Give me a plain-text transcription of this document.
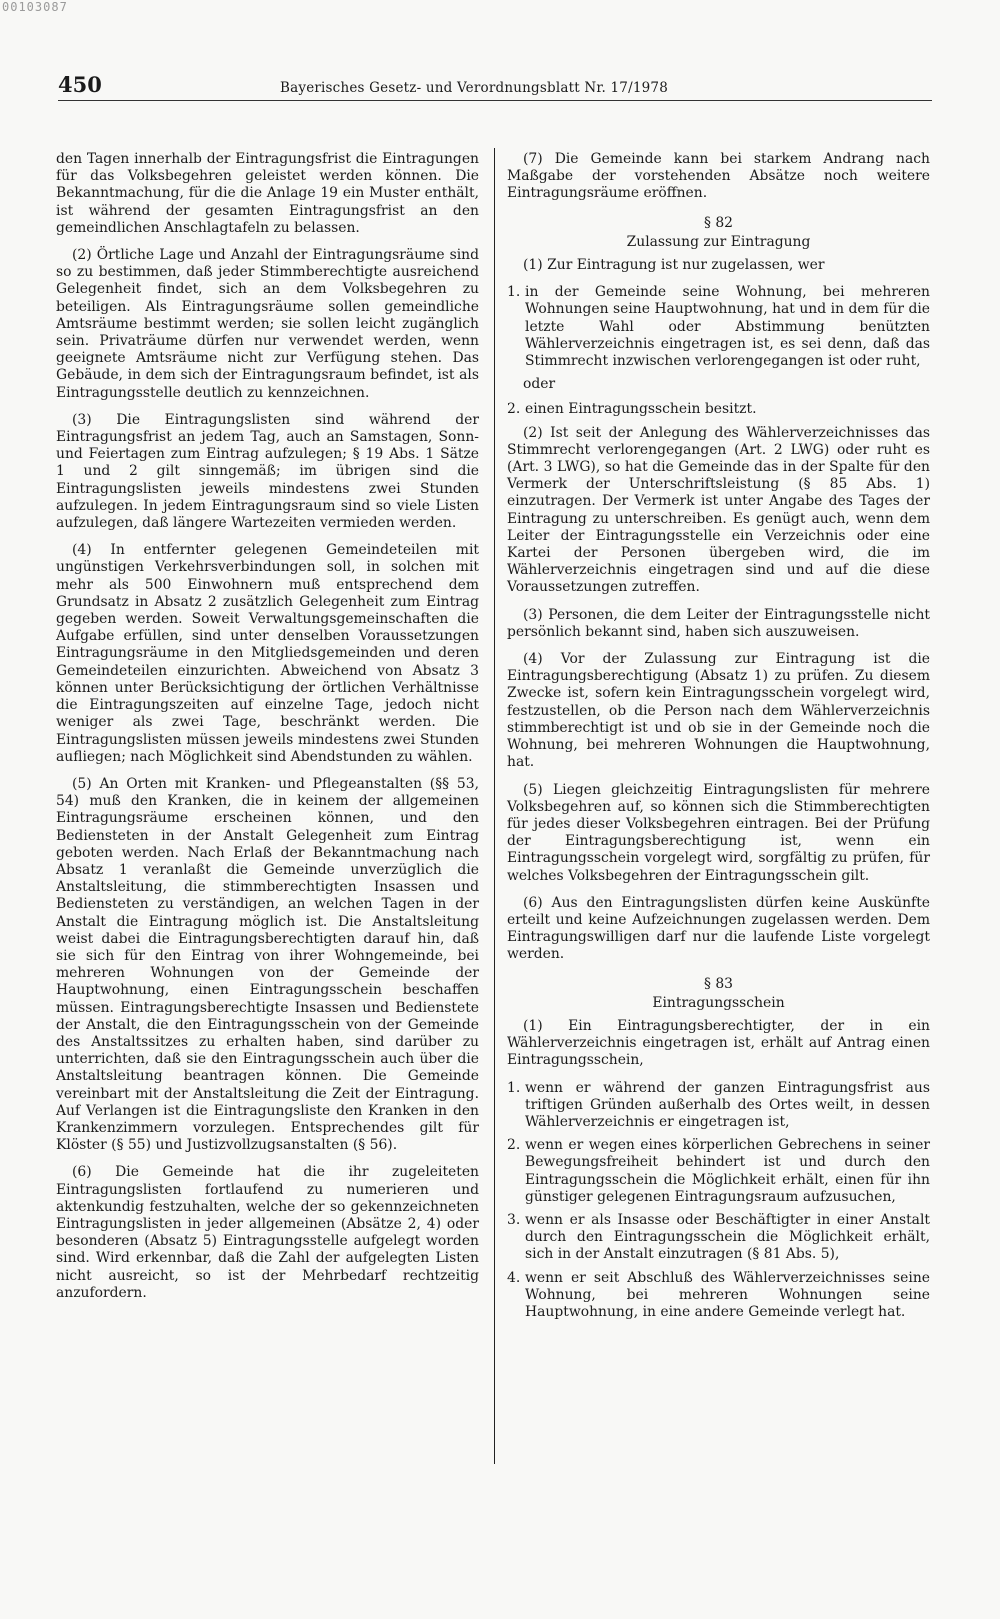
00103087
450	Bayerisches Gesetz- und Verordnungsblatt Nr. 17/1978

den Tagen innerhalb der Eintragungsfrist die Eintragungen für das Volksbegehren geleistet werden können. Die Bekanntmachung, für die die Anlage 19 ein Muster enthält, ist während der gesamten Eintragungsfrist an den gemeindlichen Anschlagtafeln zu belassen.

(2) Örtliche Lage und Anzahl der Eintragungsräume sind so zu bestimmen, daß jeder Stimmberechtigte ausreichend Gelegenheit findet, sich an dem Volksbegehren zu beteiligen. Als Eintragungsräume sollen gemeindliche Amtsräume bestimmt werden; sie sollen leicht zugänglich sein. Privaträume dürfen nur verwendet werden, wenn geeignete Amtsräume nicht zur Verfügung stehen. Das Gebäude, in dem sich der Eintragungsraum befindet, ist als Eintragungsstelle deutlich zu kennzeichnen.

(3) Die Eintragungslisten sind während der Eintragungsfrist an jedem Tag, auch an Samstagen, Sonn- und Feiertagen zum Eintrag aufzulegen; § 19 Abs. 1 Sätze 1 und 2 gilt sinngemäß; im übrigen sind die Eintragungslisten jeweils mindestens zwei Stunden aufzulegen. In jedem Eintragungsraum sind so viele Listen aufzulegen, daß längere Wartezeiten vermieden werden.

(4) In entfernter gelegenen Gemeindeteilen mit ungünstigen Verkehrsverbindungen soll, in solchen mit mehr als 500 Einwohnern muß entsprechend dem Grundsatz in Absatz 2 zusätzlich Gelegenheit zum Eintrag gegeben werden. Soweit Verwaltungsgemeinschaften die Aufgabe erfüllen, sind unter denselben Voraussetzungen Eintragungsräume in den Mitgliedsgemeinden und deren Gemeindeteilen einzurichten. Abweichend von Absatz 3 können unter Berücksichtigung der örtlichen Verhältnisse die Eintragungszeiten auf einzelne Tage, jedoch nicht weniger als zwei Tage, beschränkt werden. Die Eintragungslisten müssen jeweils mindestens zwei Stunden aufliegen; nach Möglichkeit sind Abendstunden zu wählen.

(5) An Orten mit Kranken- und Pflegeanstalten (§§ 53, 54) muß den Kranken, die in keinem der allgemeinen Eintragungsräume erscheinen können, und den Bediensteten in der Anstalt Gelegenheit zum Eintrag geboten werden. Nach Erlaß der Bekanntmachung nach Absatz 1 veranlaßt die Gemeinde unverzüglich die Anstaltsleitung, die stimmberechtigten Insassen und Bediensteten zu verständigen, an welchen Tagen in der Anstalt die Eintragung möglich ist. Die Anstaltsleitung weist dabei die Eintragungsberechtigten darauf hin, daß sie sich für den Eintrag von ihrer Wohngemeinde, bei mehreren Wohnungen von der Gemeinde der Hauptwohnung, einen Eintragungsschein beschaffen müssen. Eintragungsberechtigte Insassen und Bedienstete der Anstalt, die den Eintragungsschein von der Gemeinde des Anstaltssitzes zu erhalten haben, sind darüber zu unterrichten, daß sie den Eintragungsschein auch über die Anstaltsleitung beantragen können. Die Gemeinde vereinbart mit der Anstaltsleitung die Zeit der Eintragung. Auf Verlangen ist die Eintragungsliste den Kranken in den Krankenzimmern vorzulegen. Entsprechendes gilt für Klöster (§ 55) und Justizvollzugsanstalten (§ 56).

(6) Die Gemeinde hat die ihr zugeleiteten Eintragungslisten fortlaufend zu numerieren und aktenkundig festzuhalten, welche der so gekennzeichneten Eintragungslisten in jeder allgemeinen (Absätze 2, 4) oder besonderen (Absatz 5) Eintragungsstelle aufgelegt worden sind. Wird erkennbar, daß die Zahl der aufgelegten Listen nicht ausreicht, so ist der Mehrbedarf rechtzeitig anzufordern.

(7) Die Gemeinde kann bei starkem Andrang nach Maßgabe der vorstehenden Absätze noch weitere Eintragungsräume eröffnen.

§ 82
Zulassung zur Eintragung

(1) Zur Eintragung ist nur zugelassen, wer

1. in der Gemeinde seine Wohnung, bei mehreren Wohnungen seine Hauptwohnung, hat und in dem für die letzte Wahl oder Abstimmung benützten Wählerverzeichnis eingetragen ist, es sei denn, daß das Stimmrecht inzwischen verlorengegangen ist oder ruht,
oder
2. einen Eintragungsschein besitzt.

(2) Ist seit der Anlegung des Wählerverzeichnisses das Stimmrecht verlorengegangen (Art. 2 LWG) oder ruht es (Art. 3 LWG), so hat die Gemeinde das in der Spalte für den Vermerk der Unterschriftsleistung (§ 85 Abs. 1) einzutragen. Der Vermerk ist unter Angabe des Tages der Eintragung zu unterschreiben. Es genügt auch, wenn dem Leiter der Eintragungsstelle ein Verzeichnis oder eine Kartei der Personen übergeben wird, die im Wählerverzeichnis eingetragen sind und auf die diese Voraussetzungen zutreffen.

(3) Personen, die dem Leiter der Eintragungsstelle nicht persönlich bekannt sind, haben sich auszuweisen.

(4) Vor der Zulassung zur Eintragung ist die Eintragungsberechtigung (Absatz 1) zu prüfen. Zu diesem Zwecke ist, sofern kein Eintragungsschein vorgelegt wird, festzustellen, ob die Person nach dem Wählerverzeichnis stimmberechtigt ist und ob sie in der Gemeinde noch die Wohnung, bei mehreren Wohnungen die Hauptwohnung, hat.

(5) Liegen gleichzeitig Eintragungslisten für mehrere Volksbegehren auf, so können sich die Stimmberechtigten für jedes dieser Volksbegehren eintragen. Bei der Prüfung der Eintragungsberechtigung ist, wenn ein Eintragungsschein vorgelegt wird, sorgfältig zu prüfen, für welches Volksbegehren der Eintragungsschein gilt.

(6) Aus den Eintragungslisten dürfen keine Auskünfte erteilt und keine Aufzeichnungen zugelassen werden. Dem Eintragungswilligen darf nur die laufende Liste vorgelegt werden.

§ 83
Eintragungsschein

(1) Ein Eintragungsberechtigter, der in ein Wählerverzeichnis eingetragen ist, erhält auf Antrag einen Eintragungsschein,

1. wenn er während der ganzen Eintragungsfrist aus triftigen Gründen außerhalb des Ortes weilt, in dessen Wählerverzeichnis er eingetragen ist,
2. wenn er wegen eines körperlichen Gebrechens in seiner Bewegungsfreiheit behindert ist und durch den Eintragungsschein die Möglichkeit erhält, einen für ihn günstiger gelegenen Eintragungsraum aufzusuchen,
3. wenn er als Insasse oder Beschäftigter in einer Anstalt durch den Eintragungsschein die Möglichkeit erhält, sich in der Anstalt einzutragen (§ 81 Abs. 5),
4. wenn er seit Abschluß des Wählerverzeichnisses seine Wohnung, bei mehreren Wohnungen seine Hauptwohnung, in eine andere Gemeinde verlegt hat.
